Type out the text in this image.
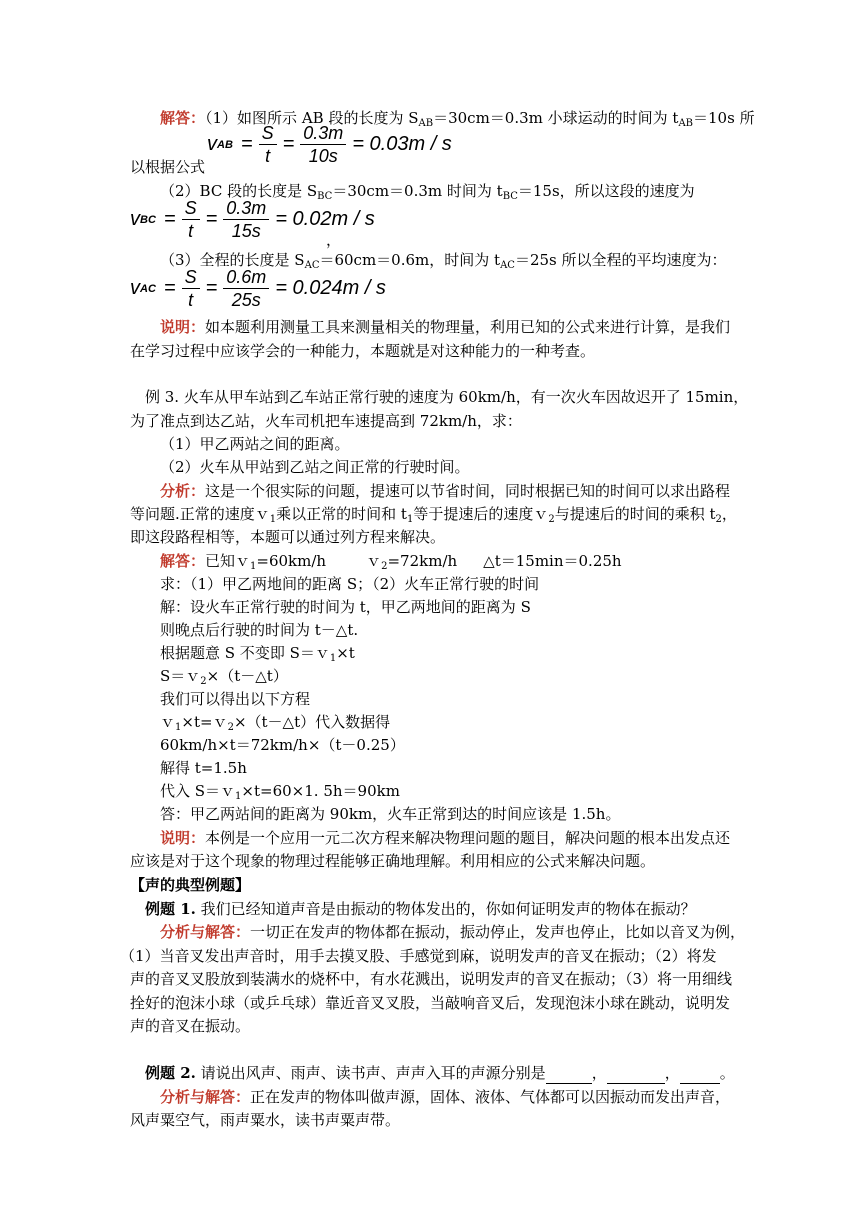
解答：（1）如图所示 AB 段的长度为 $S_{AB}=30cm=0.3m$ 小球运动的时间为 $t_{AB}=10s$ 所
v AB = $\frac{S}{t} = \frac{0.3m}{10s} = 0.03m / s$
以根据公式
（2）BC 段的长度是 $S_{BC}=30cm=0.3m$ 时间为 $t_{BC}=15s$，所以这段的速度为
v BC = $\frac{S}{t} = \frac{0.3m}{15s} = 0.02m / s$
，
（3）全程的长度是 $S_{AC}=60cm=0.6m$，时间为 $t_{AC}=25s$ 所以全程的平均速度为：
v AC = $\frac{S}{t} = \frac{0.6m}{25s} = 0.024m / s$
说明：如本题利用测量工具来测量相关的物理量，利用已知的公式来进行计算，是我们
在学习过程中应该学会的一种能力，本题就是对这种能力的一种考查。
例 3. 火车从甲车站到乙车站正常行驶的速度为 60km/h，有一次火车因故迟开了 15min，
为了准点到达乙站，火车司机把车速提高到 72km/h，求：
（1）甲乙两站之间的距离。
（2）火车从甲站到乙站之间正常的行驶时间。
分析：这是一个很实际的问题，提速可以节省时间，同时根据已知的时间可以求出路程
等问题.正常的速度ｖ$_1$乘以正常的时间和 $t_1$等于提速后的速度ｖ$_2$与提速后的时间的乘积 $t_2$，
即这段路程相等，本题可以通过列方程来解决。
解答：已知ｖ$_1$=60km/h	ｖ$_2$=72km/h △t＝15min＝0.25h
求：（1）甲乙两地间的距离 S；（2）火车正常行驶的时间
解：设火车正常行驶的时间为 t，甲乙两地间的距离为 S
则晚点后行驶的时间为 t－△t.
根据题意 S 不变即 S＝ｖ$_1$×t
S＝ｖ$_2$×（t－△t）
我们可以得出以下方程
ｖ$_1$×t=ｖ$_2$×（t－△t）代入数据得
60km/h×t＝72km/h×（t－0.25）
解得 t=1.5h
代入 S＝ｖ$_1$×t=60×1. 5h＝90km
答：甲乙两站间的距离为 90km，火车正常到达的时间应该是 1.5h。
说明：本例是一个应用一元二次方程来解决物理问题的题目，解决问题的根本出发点还
应该是对于这个现象的物理过程能够正确地理解。利用相应的公式来解决问题。
【声的典型例题】
例题 1. 我们已经知道声音是由振动的物体发出的，你如何证明发声的物体在振动？
分析与解答：一切正在发声的物体都在振动，振动停止，发声也停止，比如以音叉为例，
（1）当音叉发出声音时，用手去摸叉股、手感觉到麻，说明发声的音叉在振动；（2）将发
声的音叉叉股放到装满水的烧杯中，有水花溅出，说明发声的音叉在振动；（3）将一用细线
拴好的泡沫小球（或乒乓球）靠近音叉叉股，当敲响音叉后，发现泡沫小球在跳动，说明发
声的音叉在振动。
例题 2. 请说出风声、雨声、读书声、声声入耳的声源分别是	，	，	。
分析与解答：正在发声的物体叫做声源，固体、液体、气体都可以因振动而发出声音，
风声粟空气，雨声粟水，读书声粟声带。
